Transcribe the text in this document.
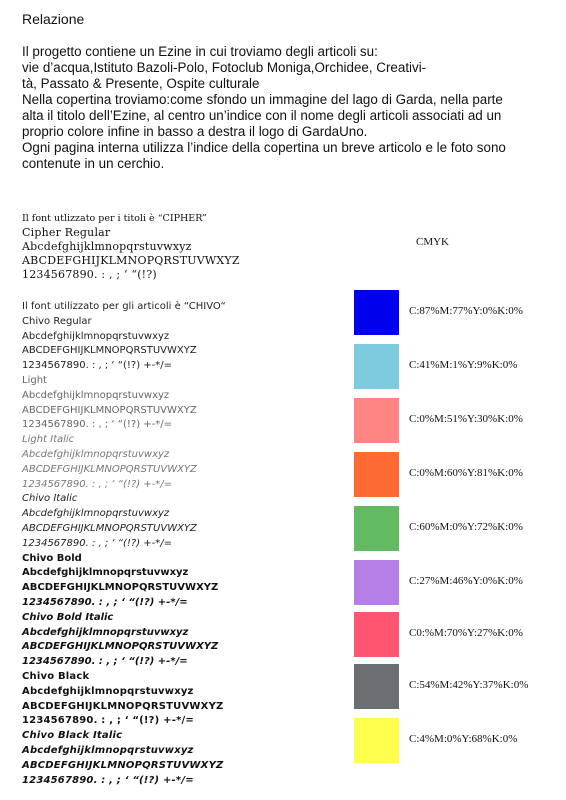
Relazione
Il progetto contiene un Ezine in cui troviamo degli articoli su:
vie d’acqua,Istituto Bazoli-Polo, Fotoclub Moniga,Orchidee, Creativi-
tà, Passato & Presente, Ospite culturale
Nella copertina troviamo:come sfondo un immagine del lago di Garda, nella parte
alta il titolo dell’Ezine, al centro un’indice con il nome degli articoli associati ad un
proprio colore infine in basso a destra il logo di GardaUno.
Ogni pagina interna utilizza l’indice della copertina un breve articolo e le foto sono
contenute in un cerchio.
Il font utlizzato per i titoli è “CIPHER”
Cipher Regular
Abcdefghijklmnopqrstuvwxyz
ABCDEFGHIJKLMNOPQRSTUVWXYZ
1234567890. : , ; ‘ “(!?)
Il font utilizzato per gli articoli è “CHIVO“
Chivo Regular
Abcdefghijklmnopqrstuvwxyz
ABCDEFGHIJKLMNOPQRSTUVWXYZ
1234567890. : , ; ‘ “(!?) +-*/=
Light
Abcdefghijklmnopqrstuvwxyz
ABCDEFGHIJKLMNOPQRSTUVWXYZ
1234567890. : , ; ‘ “(!?) +-*/=
Light Italic
Abcdefghijklmnopqrstuvwxyz
ABCDEFGHIJKLMNOPQRSTUVWXYZ
1234567890. : , ; ‘ “(!?) +-*/=
Chivo Italic
Abcdefghijklmnopqrstuvwxyz
ABCDEFGHIJKLMNOPQRSTUVWXYZ
1234567890. : , ; ‘ “(!?) +-*/=
Chivo Bold
Abcdefghijklmnopqrstuvwxyz
ABCDEFGHIJKLMNOPQRSTUVWXYZ
1234567890. : , ; ‘ “(!?) +-*/=
Chivo Bold Italic
Abcdefghijklmnopqrstuvwxyz
ABCDEFGHIJKLMNOPQRSTUVWXYZ
1234567890. : , ; ‘ “(!?) +-*/=
Chivo Black
Abcdefghijklmnopqrstuvwxyz
ABCDEFGHIJKLMNOPQRSTUVWXYZ
1234567890. : , ; ‘ “(!?) +-*/=
Chivo Black Italic
Abcdefghijklmnopqrstuvwxyz
ABCDEFGHIJKLMNOPQRSTUVWXYZ
1234567890. : , ; ‘ “(!?) +-*/=
CMYK
C:87%M:77%Y:0%K:0%
C:41%M:1%Y:9%K:0%
C:0%M:51%Y:30%K:0%
C:0%M:60%Y:81%K:0%
C:60%M:0%Y:72%K:0%
C:27%M:46%Y:0%K:0%
C0:%M:70%Y:27%K:0%
C:54%M:42%Y:37%K:0%
C:4%M:0%Y:68%K:0%
